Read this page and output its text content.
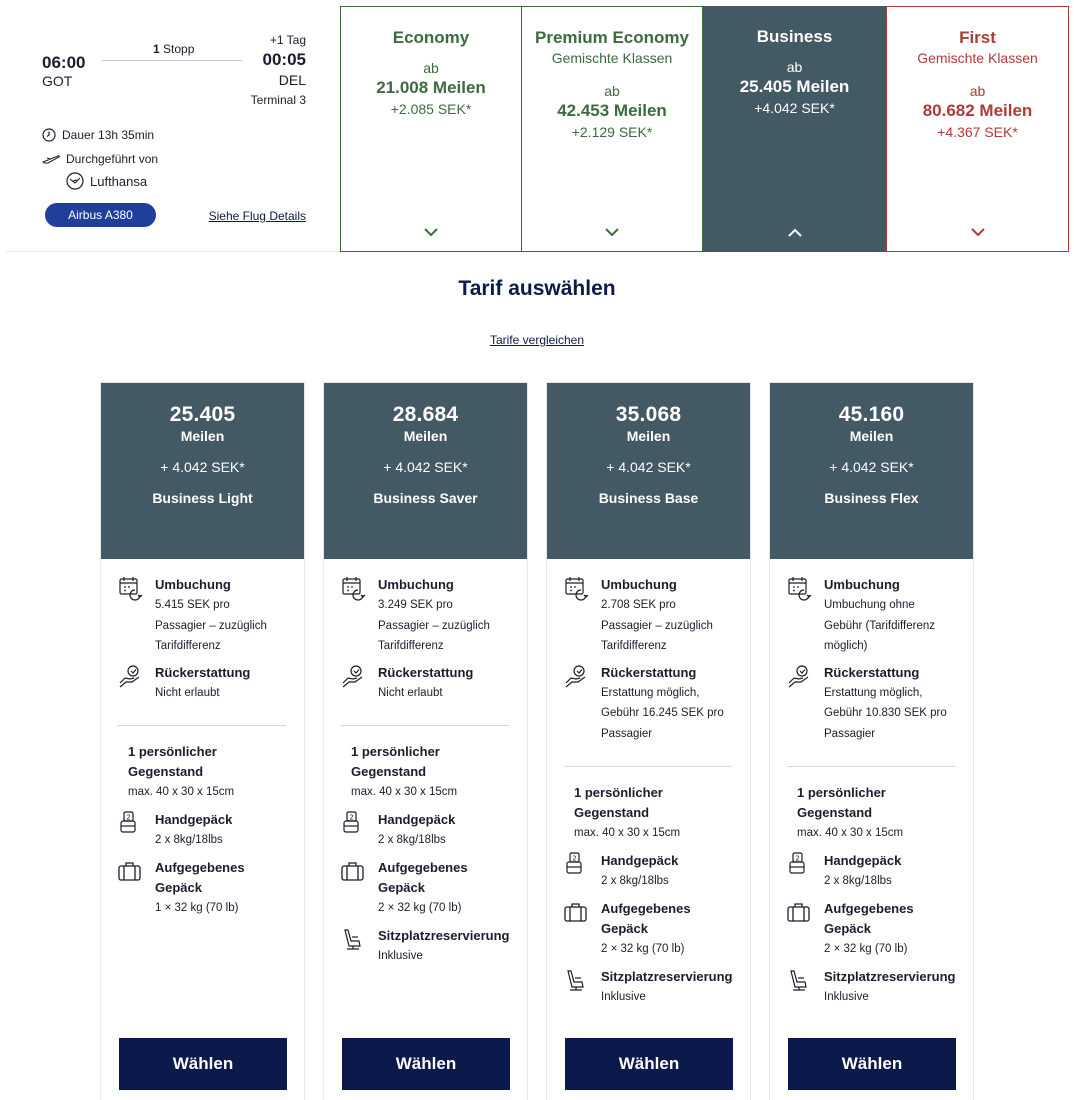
06:00
GOT
1 Stopp
+1 Tag
00:05
DEL
Terminal 3
Dauer 13h 35min
Durchgeführt von
Lufthansa
Airbus A380	Siehe Flug Details
Economy
ab
21.008 Meilen
+2.085 SEK*
Premium Economy
Gemischte Klassen
ab
42.453 Meilen
+2.129 SEK*
Business
ab
25.405 Meilen
+4.042 SEK*
First
Gemischte Klassen
ab
80.682 Meilen
+4.367 SEK*
Tarif auswählen
Tarife vergleichen
25.405
Meilen
+ 4.042 SEK*
Business Light
Umbuchung
5.415 SEK pro
Passagier – zuzüglich
Tarifdifferenz
Rückerstattung
Nicht erlaubt
1 persönlicher
Gegenstand
max. 40 x 30 x 15cm
2 Handgepäck
2 x 8kg/18lbs
Aufgegebenes
Gepäck
1 × 32 kg (70 lb)
Wählen
28.684
Meilen
+ 4.042 SEK*
Business Saver
Umbuchung
3.249 SEK pro
Passagier – zuzüglich
Tarifdifferenz
Rückerstattung
Nicht erlaubt
1 persönlicher
Gegenstand
max. 40 x 30 x 15cm
2 Handgepäck
2 x 8kg/18lbs
Aufgegebenes
Gepäck
2 × 32 kg (70 lb)
Sitzplatzreservierung
Inklusive
Wählen
35.068
Meilen
+ 4.042 SEK*
Business Base
Umbuchung
2.708 SEK pro
Passagier – zuzüglich
Tarifdifferenz
Rückerstattung
Erstattung möglich,
Gebühr 16.245 SEK pro
Passagier
1 persönlicher
Gegenstand
max. 40 x 30 x 15cm
2 Handgepäck
2 x 8kg/18lbs
Aufgegebenes
Gepäck
2 × 32 kg (70 lb)
Sitzplatzreservierung
Inklusive
Wählen
45.160
Meilen
+ 4.042 SEK*
Business Flex
Umbuchung
Umbuchung ohne
Gebühr (Tarifdifferenz
möglich)
Rückerstattung
Erstattung möglich,
Gebühr 10.830 SEK pro
Passagier
1 persönlicher
Gegenstand
max. 40 x 30 x 15cm
2 Handgepäck
2 x 8kg/18lbs
Aufgegebenes
Gepäck
2 × 32 kg (70 lb)
Sitzplatzreservierung
Inklusive
Wählen
